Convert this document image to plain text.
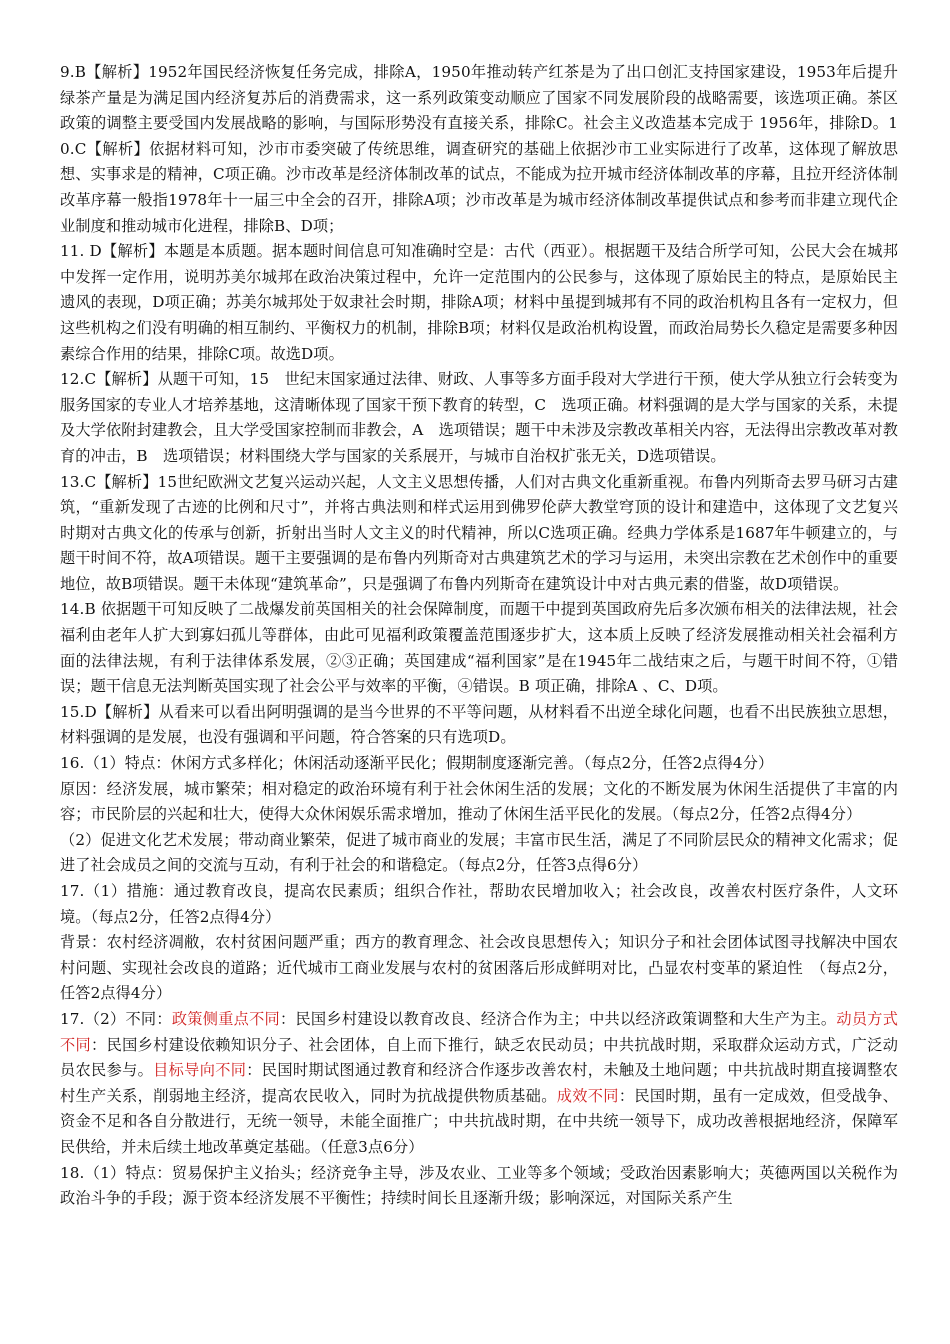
9.B【解析】1952年国民经济恢复任务完成，排除A，1950年推动转产红茶是为了出口创汇支持国家建设，1953年后提升绿茶产量是为满足国内经济复苏后的消费需求，这一系列政策变动顺应了国家不同发展阶段的战略需要，该选项正确。茶区政策的调整主要受国内发展战略的影响，与国际形势没有直接关系，排除C。社会主义改造基本完成于 1956年，排除D。10.C【解析】依据材料可知，沙市市委突破了传统思维，调查研究的基础上依据沙市工业实际进行了改革，这体现了解放思想、实事求是的精神，C项正确。沙市改革是经济体制改革的试点，不能成为拉开城市经济体制改革的序幕，且拉开经济体制改革序幕一般指1978年十一届三中全会的召开，排除A项；沙市改革是为城市经济体制改革提供试点和参考而非建立现代企业制度和推动城市化进程，排除B、D项；

11. D【解析】本题是本质题。据本题时间信息可知准确时空是：古代（西亚）。根据题干及结合所学可知，公民大会在城邦中发挥一定作用，说明苏美尔城邦在政治决策过程中，允许一定范围内的公民参与，这体现了原始民主的特点，是原始民主遗风的表现，D项正确；苏美尔城邦处于奴隶社会时期，排除A项；材料中虽提到城邦有不同的政治机构且各有一定权力，但这些机构之们没有明确的相互制约、平衡权力的机制，排除B项；材料仅是政治机构设置，而政治局势长久稳定是需要多种因素综合作用的结果，排除C项。故选D项。

12.C【解析】从题干可知，15　世纪末国家通过法律、财政、人事等多方面手段对大学进行干预，使大学从独立行会转变为服务国家的专业人才培养基地，这清晰体现了国家干预下教育的转型，C　选项正确。材料强调的是大学与国家的关系，未提及大学依附封建教会，且大学受国家控制而非教会，A　选项错误；题干中未涉及宗教改革相关内容，无法得出宗教改革对教育的冲击，B　选项错误；材料围绕大学与国家的关系展开，与城市自治权扩张无关，D选项错误。

13.C【解析】15世纪欧洲文艺复兴运动兴起，人文主义思想传播，人们对古典文化重新重视。布鲁内列斯奇去罗马研习古建筑，“重新发现了古迹的比例和尺寸”，并将古典法则和样式运用到佛罗伦萨大教堂穹顶的设计和建造中，这体现了文艺复兴时期对古典文化的传承与创新，折射出当时人文主义的时代精神，所以C选项正确。经典力学体系是1687年牛顿建立的，与题干时间不符，故A项错误。题干主要强调的是布鲁内列斯奇对古典建筑艺术的学习与运用，未突出宗教在艺术创作中的重要地位，故B项错误。题干未体现“建筑革命”，只是强调了布鲁内列斯奇在建筑设计中对古典元素的借鉴，故D项错误。

14.B 依据题干可知反映了二战爆发前英国相关的社会保障制度，而题干中提到英国政府先后多次颁布相关的法律法规，社会福利由老年人扩大到寡妇孤儿等群体，由此可见福利政策覆盖范围逐步扩大，这本质上反映了经济发展推动相关社会福利方面的法律法规，有利于法律体系发展，②③正确；英国建成“福利国家”是在1945年二战结束之后，与题干时间不符，①错误；题干信息无法判断英国实现了社会公平与效率的平衡，④错误。B 项正确，排除A 、C、D项。

15.D【解析】从看来可以看出阿明强调的是当今世界的不平等问题，从材料看不出逆全球化问题，也看不出民族独立思想，材料强调的是发展，也没有强调和平问题，符合答案的只有选项D。

16.（1）特点：休闲方式多样化；休闲活动逐渐平民化；假期制度逐渐完善。（每点2分，任答2点得4分）

原因：经济发展，城市繁荣；相对稳定的政治环境有利于社会休闲生活的发展；文化的不断发展为休闲生活提供了丰富的内容；市民阶层的兴起和壮大，使得大众休闲娱乐需求增加，推动了休闲生活平民化的发展。（每点2分，任答2点得4分）

（2）促进文化艺术发展；带动商业繁荣，促进了城市商业的发展；丰富市民生活，满足了不同阶层民众的精神文化需求；促进了社会成员之间的交流与互动，有利于社会的和谐稳定。（每点2分，任答3点得6分）

17.（1）措施：通过教育改良，提高农民素质；组织合作社，帮助农民增加收入；社会改良，改善农村医疗条件，人文环境。（每点2分，任答2点得4分）

背景：农村经济凋敝，农村贫困问题严重；西方的教育理念、社会改良思想传入；知识分子和社会团体试图寻找解决中国农村问题、实现社会改良的道路；近代城市工商业发展与农村的贫困落后形成鲜明对比，凸显农村变革的紧迫性　（每点2分，任答2点得4分）

17.（2）不同：政策侧重点不同：民国乡村建设以教育改良、经济合作为主；中共以经济政策调整和大生产为主。动员方式不同：民国乡村建设依赖知识分子、社会团体，自上而下推行，缺乏农民动员；中共抗战时期，采取群众运动方式，广泛动员农民参与。目标导向不同：民国时期试图通过教育和经济合作逐步改善农村，未触及土地问题；中共抗战时期直接调整农村生产关系，削弱地主经济，提高农民收入，同时为抗战提供物质基础。成效不同：民国时期，虽有一定成效，但受战争、资金不足和各自分散进行，无统一领导，未能全面推广；中共抗战时期，在中共统一领导下，成功改善根据地经济，保障军民供给，并未后续土地改革奠定基础。（任意3点6分）

18.（1）特点：贸易保护主义抬头；经济竞争主导，涉及农业、工业等多个领域；受政治因素影响大；英德两国以关税作为政治斗争的手段；源于资本经济发展不平衡性；持续时间长且逐渐升级；影响深远，对国际关系产生
